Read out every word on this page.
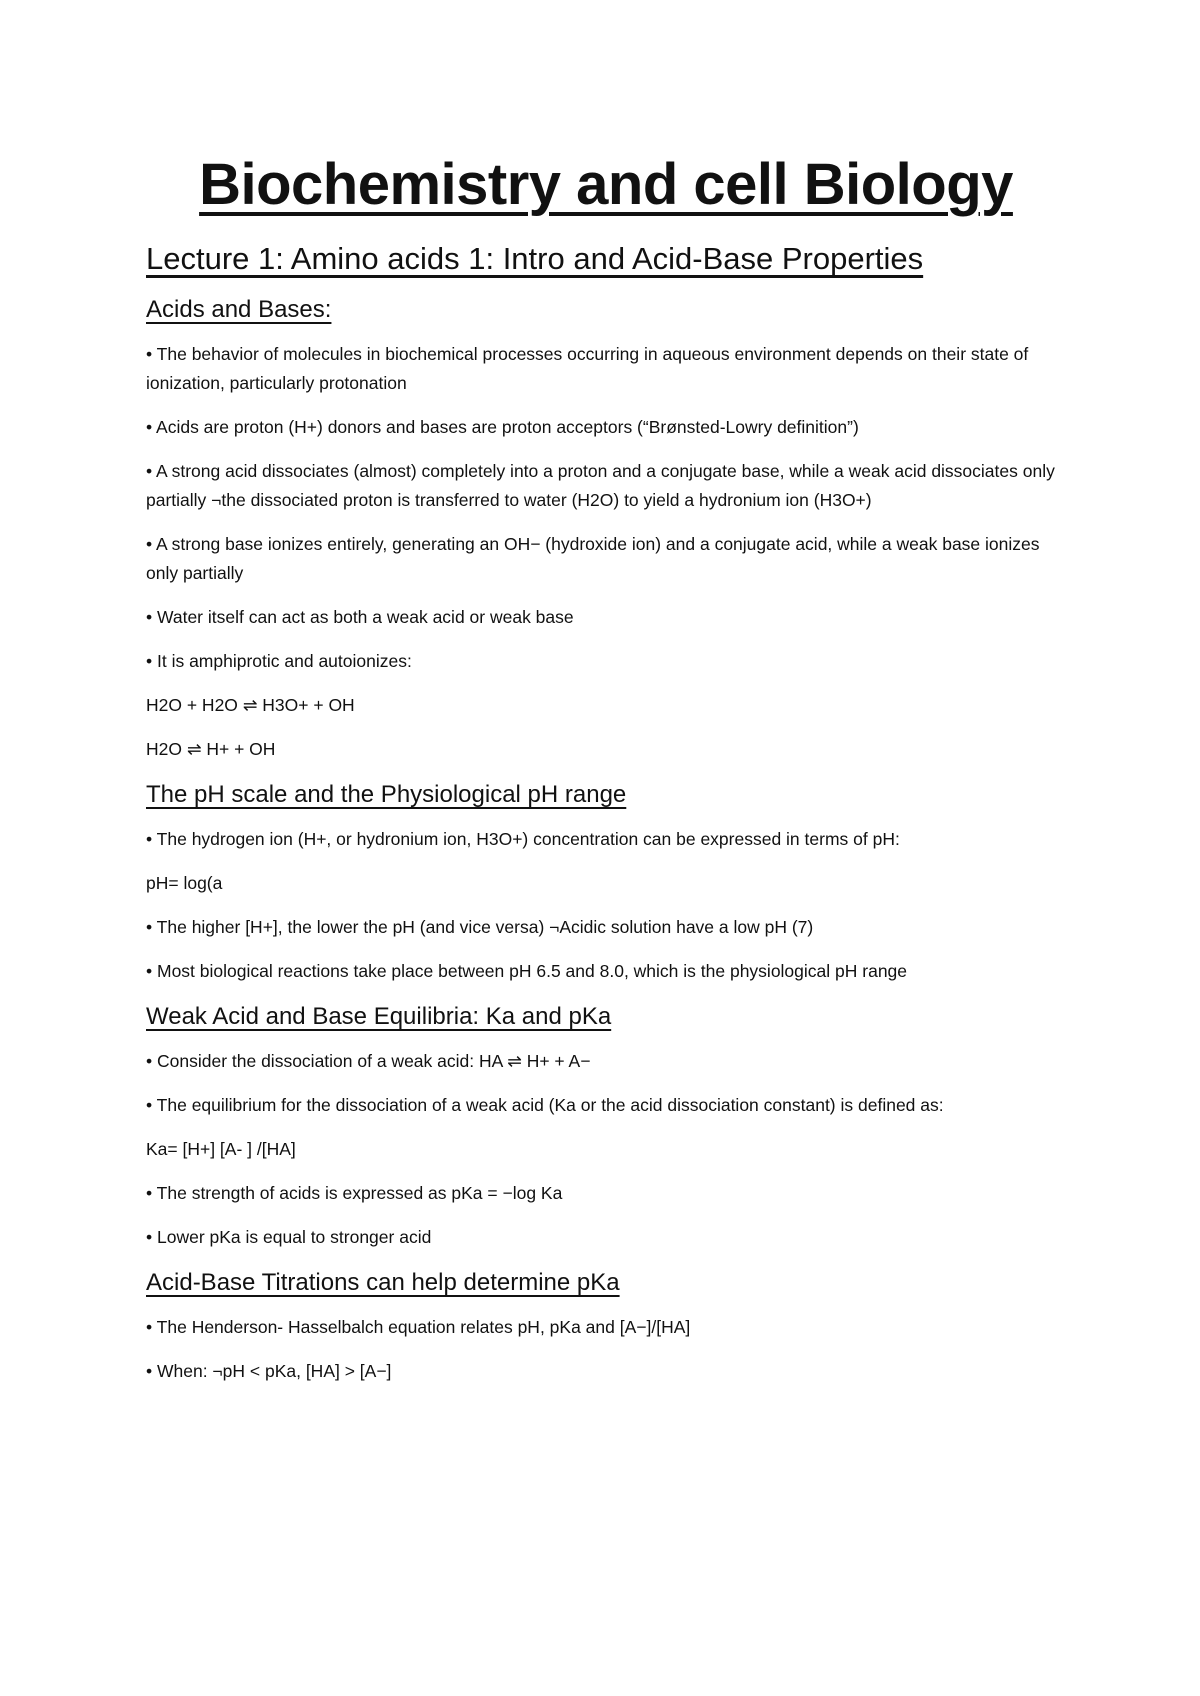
Biochemistry and cell Biology
Lecture 1: Amino acids 1: Intro and Acid-Base Properties
Acids and Bases:

• The behavior of molecules in biochemical processes occurring in aqueous environment depends on their state of ionization, particularly protonation

• Acids are proton (H+) donors and bases are proton acceptors (“Brønsted-Lowry definition”)

• A strong acid dissociates (almost) completely into a proton and a conjugate base, while a weak acid dissociates only partially ¬the dissociated proton is transferred to water (H2O) to yield a hydronium ion (H3O+)

• A strong base ionizes entirely, generating an OH− (hydroxide ion) and a conjugate acid, while a weak base ionizes only partially

• Water itself can act as both a weak acid or weak base

• It is amphiprotic and autoionizes:

H2O + H2O ⇌ H3O+ + OH

H2O ⇌ H+ + OH

The pH scale and the Physiological pH range

• The hydrogen ion (H+, or hydronium ion, H3O+) concentration can be expressed in terms of pH:

pH= log(a

• The higher [H+], the lower the pH (and vice versa) ¬Acidic solution have a low pH (7)

• Most biological reactions take place between pH 6.5 and 8.0, which is the physiological pH range

Weak Acid and Base Equilibria: Ka and pKa

• Consider the dissociation of a weak acid: HA ⇌ H+ + A−

• The equilibrium for the dissociation of a weak acid (Ka or the acid dissociation constant) is defined as:

Ka= [H+] [A- ] /[HA]

• The strength of acids is expressed as pKa = −log Ka

• Lower pKa is equal to stronger acid

Acid-Base Titrations can help determine pKa

• The Henderson- Hasselbalch equation relates pH, pKa and [A−]/[HA]

• When: ¬pH < pKa, [HA] > [A−]
